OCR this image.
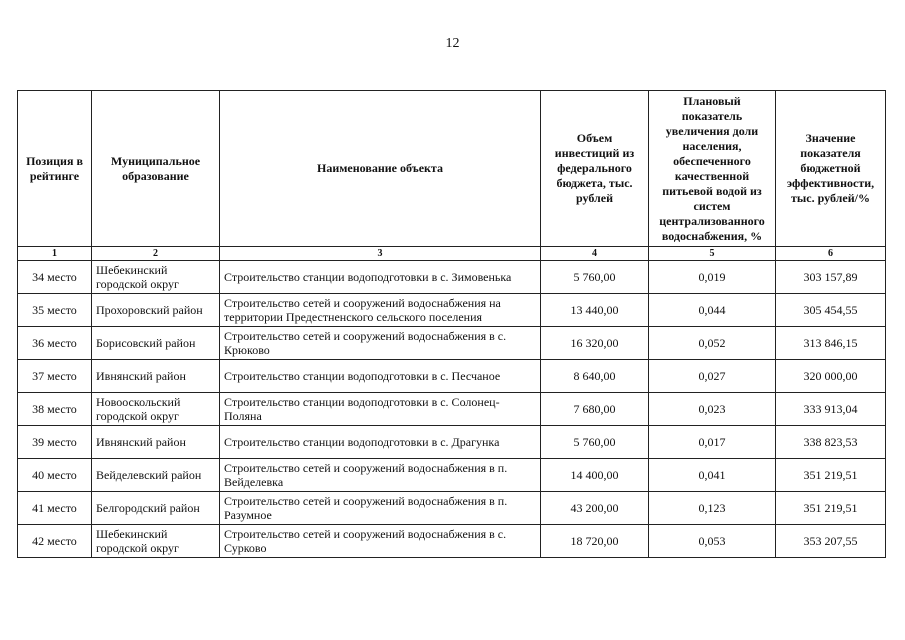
12
Позиция в рейтинге	Муниципальное образование	Наименование объекта	Объем инвестиций из федерального бюджета, тыс. рублей	Плановый показатель увеличения доли населения, обеспеченного качественной питьевой водой из систем централизованного водоснабжения, %	Значение показателя бюджетной эффективности, тыс. рублей/%
1	2	3	4	5	6
34 место	Шебекинский городской округ	Строительство станции водоподготовки в с. Зимовенька	5 760,00	0,019	303 157,89
35 место	Прохоровский район	Строительство сетей и сооружений водоснабжения на территории Предестненского сельского поселения	13 440,00	0,044	305 454,55
36 место	Борисовский район	Строительство сетей и сооружений водоснабжения в с. Крюково	16 320,00	0,052	313 846,15
37 место	Ивнянский район	Строительство станции водоподготовки в с. Песчаное	8 640,00	0,027	320 000,00
38 место	Новооскольский городской округ	Строительство станции водоподготовки в с. Солонец-Поляна	7 680,00	0,023	333 913,04
39 место	Ивнянский район	Строительство станции водоподготовки в с. Драгунка	5 760,00	0,017	338 823,53
40 место	Вейделевский район	Строительство сетей и сооружений водоснабжения в п. Вейделевка	14 400,00	0,041	351 219,51
41 место	Белгородский район	Строительство сетей и сооружений водоснабжения в п. Разумное	43 200,00	0,123	351 219,51
42 место	Шебекинский городской округ	Строительство сетей и сооружений водоснабжения в с. Сурково	18 720,00	0,053	353 207,55
